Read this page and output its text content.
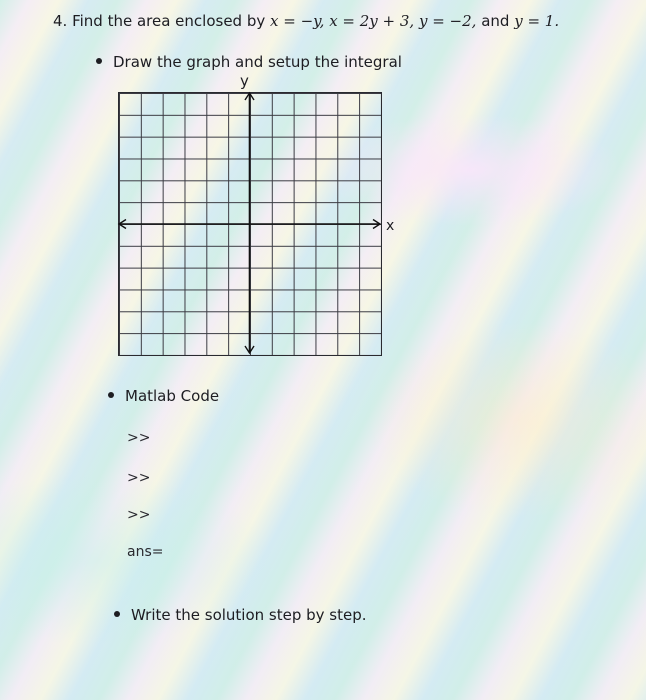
4. Find the area enclosed by x = −y, x = 2y + 3, y = −2, and y = 1.
Draw the graph and setup the integral
y
x
Matlab Code
>>
>>
>>
ans=
Write the solution step by step.
